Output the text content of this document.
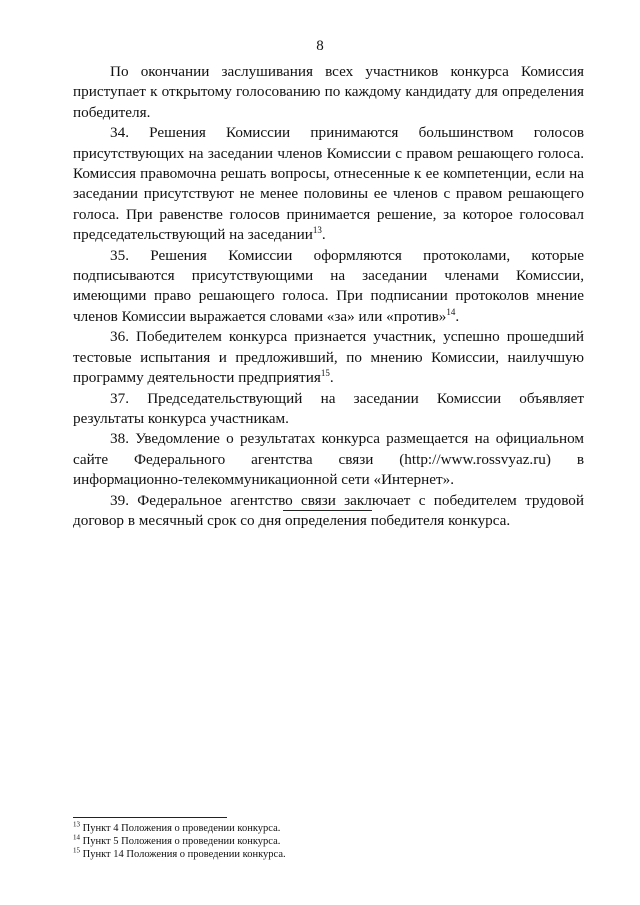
8

По окончании заслушивания всех участников конкурса Комиссия приступает к открытому голосованию по каждому кандидату для определения победителя.

34. Решения Комиссии принимаются большинством голосов присутствующих на заседании членов Комиссии с правом решающего голоса. Комиссия правомочна решать вопросы, отнесенные к ее компетенции, если на заседании присутствуют не менее половины ее членов с правом решающего голоса. При равенстве голосов принимается решение, за которое голосовал председательствующий на заседании$^{13}$.

35. Решения Комиссии оформляются протоколами, которые подписываются присутствующими на заседании членами Комиссии, имеющими право решающего голоса. При подписании протоколов мнение членов Комиссии выражается словами «за» или «против»$^{14}$.

36. Победителем конкурса признается участник, успешно прошедший тестовые испытания и предложивший, по мнению Комиссии, наилучшую программу деятельности предприятия$^{15}$.

37. Председательствующий на заседании Комиссии объявляет результаты конкурса участникам.

38. Уведомление о результатах конкурса размещается на официальном сайте Федерального агентства связи (http://www.rossvyaz.ru) в информационно-телекоммуникационной сети «Интернет».

39. Федеральное агентство связи заключает с победителем трудовой договор в месячный срок со дня определения победителя конкурса.

$^{13}$ Пункт 4 Положения о проведении конкурса.

$^{14}$ Пункт 5 Положения о проведении конкурса.

$^{15}$ Пункт 14 Положения о проведении конкурса.
